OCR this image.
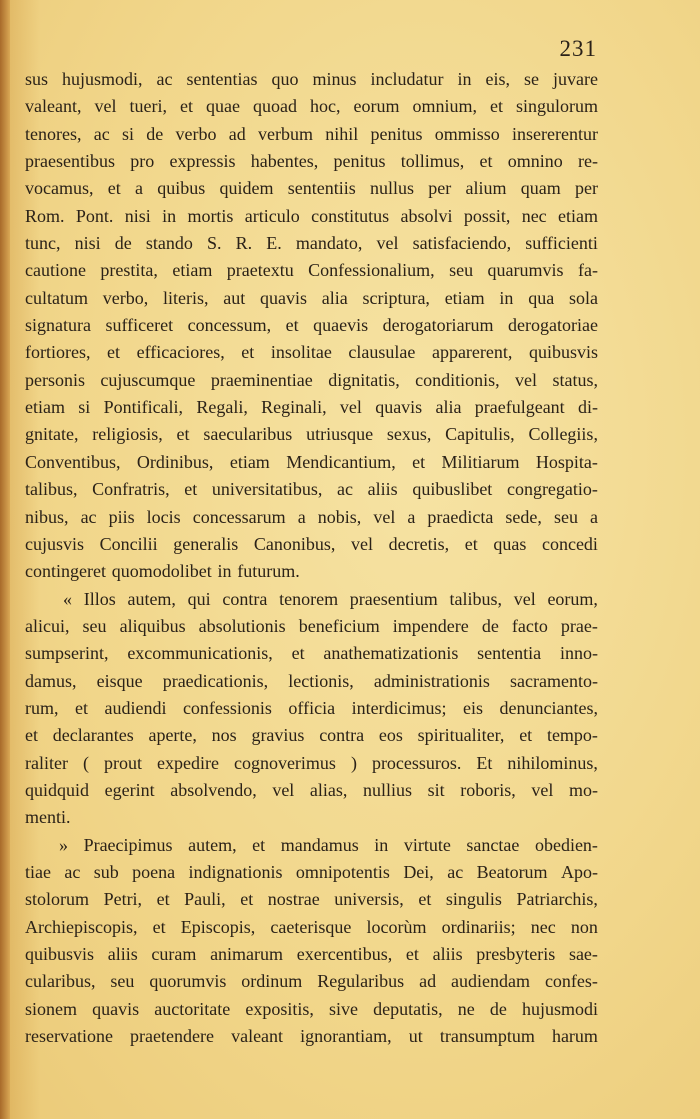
231
sus hujusmodi, ac sententias quo minus includatur in eis, se juvare
valeant, vel tueri, et quae quoad hoc, eorum omnium, et singulorum
tenores, ac si de verbo ad verbum nihil penitus ommisso insererentur
praesentibus pro expressis habentes, penitus tollimus, et omnino re-
vocamus, et a quibus quidem sententiis nullus per alium quam per
Rom. Pont. nisi in mortis articulo constitutus absolvi possit, nec etiam
tunc, nisi de stando S. R. E. mandato, vel satisfaciendo, sufficienti
cautione prestita, etiam praetextu Confessionalium, seu quarumvis fa-
cultatum verbo, literis, aut quavis alia scriptura, etiam in qua sola
signatura sufficeret concessum, et quaevis derogatoriarum derogatoriae
fortiores, et efficaciores, et insolitae clausulae apparerent, quibusvis
personis cujuscumque praeminentiae dignitatis, conditionis, vel status,
etiam si Pontificali, Regali, Reginali, vel quavis alia praefulgeant di-
gnitate, religiosis, et saecularibus utriusque sexus, Capitulis, Collegiis,
Conventibus, Ordinibus, etiam Mendicantium, et Militiarum Hospita-
talibus, Confratris, et universitatibus, ac aliis quibuslibet congregatio-
nibus, ac piis locis concessarum a nobis, vel a praedicta sede, seu a
cujusvis Concilii generalis Canonibus, vel decretis, et quas concedi
contingeret quomodolibet in futurum.
« Illos autem, qui contra tenorem praesentium talibus, vel eorum,
alicui, seu aliquibus absolutionis beneficium impendere de facto prae-
sumpserint, excommunicationis, et anathematizationis sententia inno-
damus, eisque praedicationis, lectionis, administrationis sacramento-
rum, et audiendi confessionis officia interdicimus; eis denunciantes,
et declarantes aperte, nos gravius contra eos spiritualiter, et tempo-
raliter ( prout expedire cognoverimus ) processuros. Et nihilominus,
quidquid egerint absolvendo, vel alias, nullius sit roboris, vel mo-
menti.
» Praecipimus autem, et mandamus in virtute sanctae obedien-
tiae ac sub poena indignationis omnipotentis Dei, ac Beatorum Apo-
stolorum Petri, et Pauli, et nostrae universis, et singulis Patriarchis,
Archiepiscopis, et Episcopis, caeterisque locorùm ordinariis; nec non
quibusvis aliis curam animarum exercentibus, et aliis presbyteris sae-
cularibus, seu quorumvis ordinum Regularibus ad audiendam confes-
sionem quavis auctoritate expositis, sive deputatis, ne de hujusmodi
reservatione praetendere valeant ignorantiam, ut transumptum harum
